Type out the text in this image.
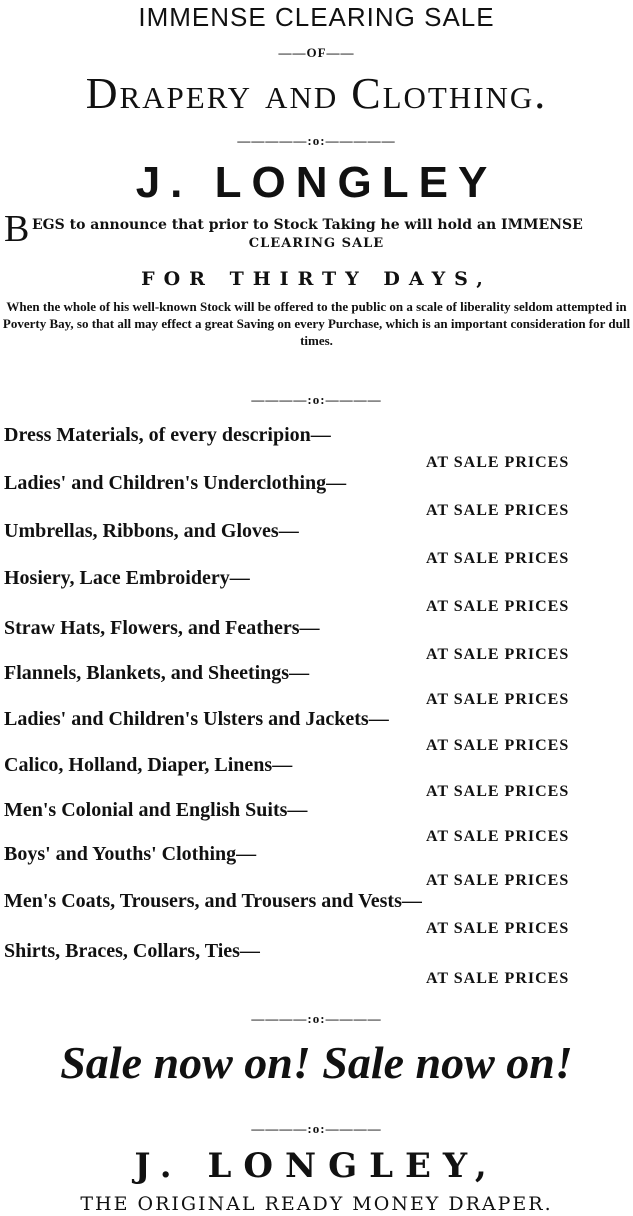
IMMENSE CLEARING SALE
——OF——
Drapery and Clothing.
—————:o:—————
J. LONGLEY
B EGS to announce that prior to Stock Taking he will hold an IMMENSE
CLEARING SALE
FOR THIRTY DAYS,
When the whole of his well-known Stock will be offered to the public on a scale of liberality seldom attempted in Poverty Bay, so that all may effect a great Saving on every Purchase, which is an important consideration for dull times.
————:o:————
Dress Materials, of every descripion—
AT SALE PRICES
Ladies' and Children's Underclothing—
AT SALE PRICES
Umbrellas, Ribbons, and Gloves—
AT SALE PRICES
Hosiery, Lace Embroidery—
AT SALE PRICES
Straw Hats, Flowers, and Feathers—
AT SALE PRICES
Flannels, Blankets, and Sheetings—
AT SALE PRICES
Ladies' and Children's Ulsters and Jackets—
AT SALE PRICES
Calico, Holland, Diaper, Linens—
AT SALE PRICES
Men's Colonial and English Suits—
AT SALE PRICES
Boys' and Youths' Clothing—
AT SALE PRICES
Men's Coats, Trousers, and Trousers and Vests—
AT SALE PRICES
Shirts, Braces, Collars, Ties—
AT SALE PRICES
————:o:————
Sale now on! Sale now on!
————:o:————
J. LONGLEY,
THE ORIGINAL READY MONEY DRAPER.
